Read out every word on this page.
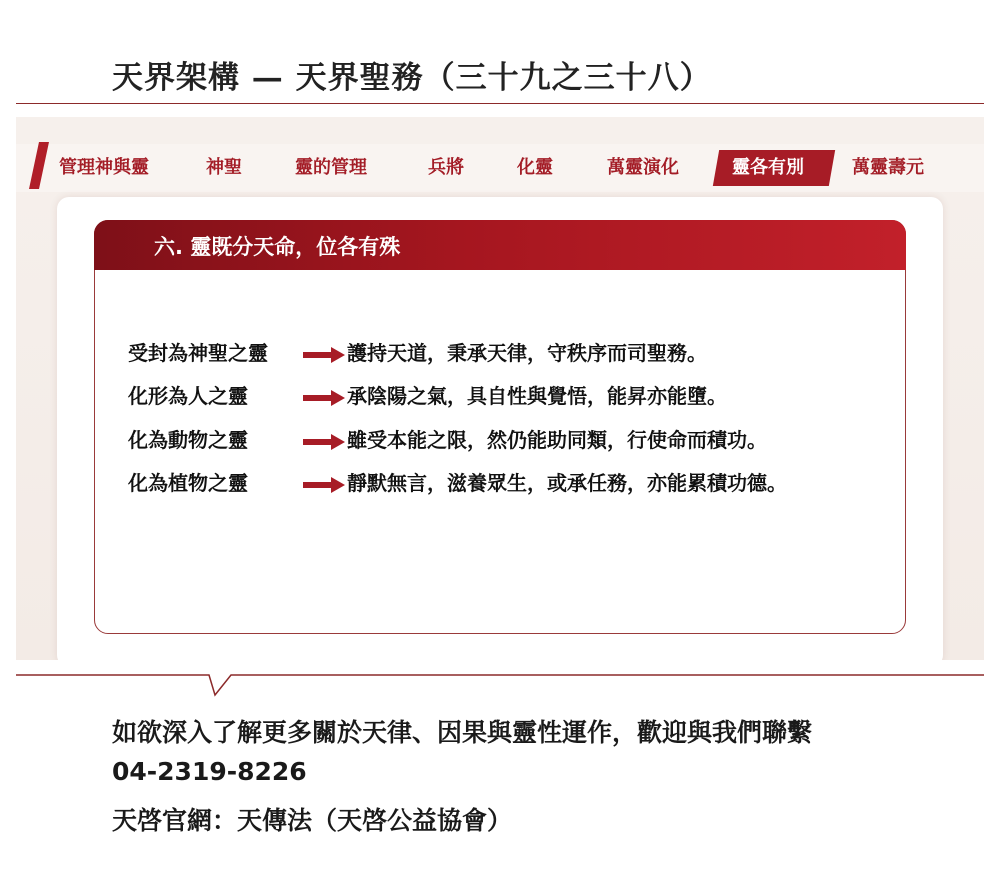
天界架構 — 天界聖務（三十九之三十八）
管理神與靈	神聖	靈的管理	兵將	化靈	萬靈演化	靈各有別	萬靈壽元
六. 靈既分天命，位各有殊
受封為神聖之靈	護持天道，秉承天律，守秩序而司聖務。
化形為人之靈	承陰陽之氣，具自性與覺悟，能昇亦能墮。
化為動物之靈	雖受本能之限，然仍能助同類，行使命而積功。
化為植物之靈	靜默無言，滋養眾生，或承任務，亦能累積功德。
如欲深入了解更多關於天律、因果與靈性運作，歡迎與我們聯繫
04-2319-8226
天啓官網：天傳法（天啓公益協會）
